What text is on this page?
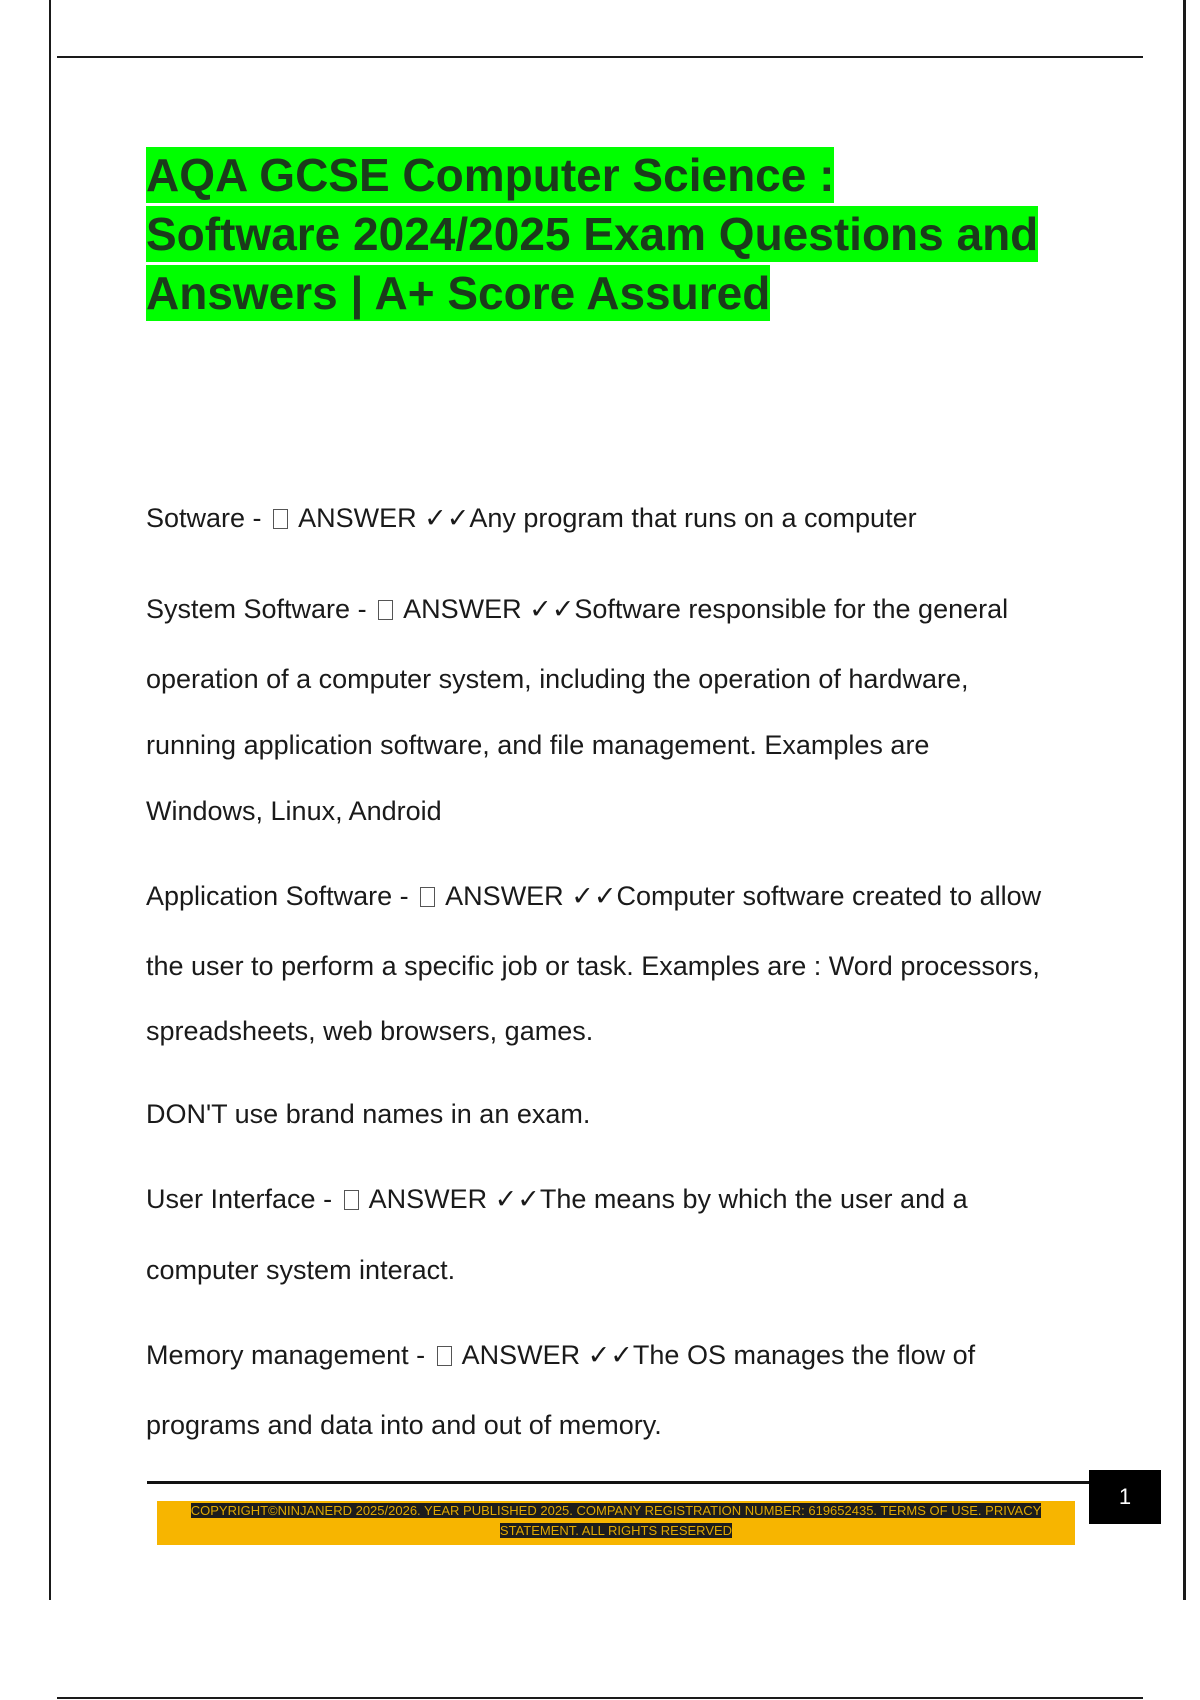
AQA GCSE Computer Science :
Software 2024/2025 Exam Questions and
Answers | A+ Score Assured

Sotware - ANSWER ✓✓Any program that runs on a computer

System Software - ANSWER ✓✓Software responsible for the general

operation of a computer system, including the operation of hardware,

running application software, and file management. Examples are

Windows, Linux, Android

Application Software - ANSWER ✓✓Computer software created to allow

the user to perform a specific job or task. Examples are : Word processors,

spreadsheets, web browsers, games.

DON'T use brand names in an exam.

User Interface - ANSWER ✓✓The means by which the user and a

computer system interact.

Memory management - ANSWER ✓✓The OS manages the flow of

programs and data into and out of memory.

1
COPYRIGHT©NINJANERD 2025/2026. YEAR PUBLISHED 2025. COMPANY REGISTRATION NUMBER: 619652435. TERMS OF USE. PRIVACY
STATEMENT. ALL RIGHTS RESERVED
